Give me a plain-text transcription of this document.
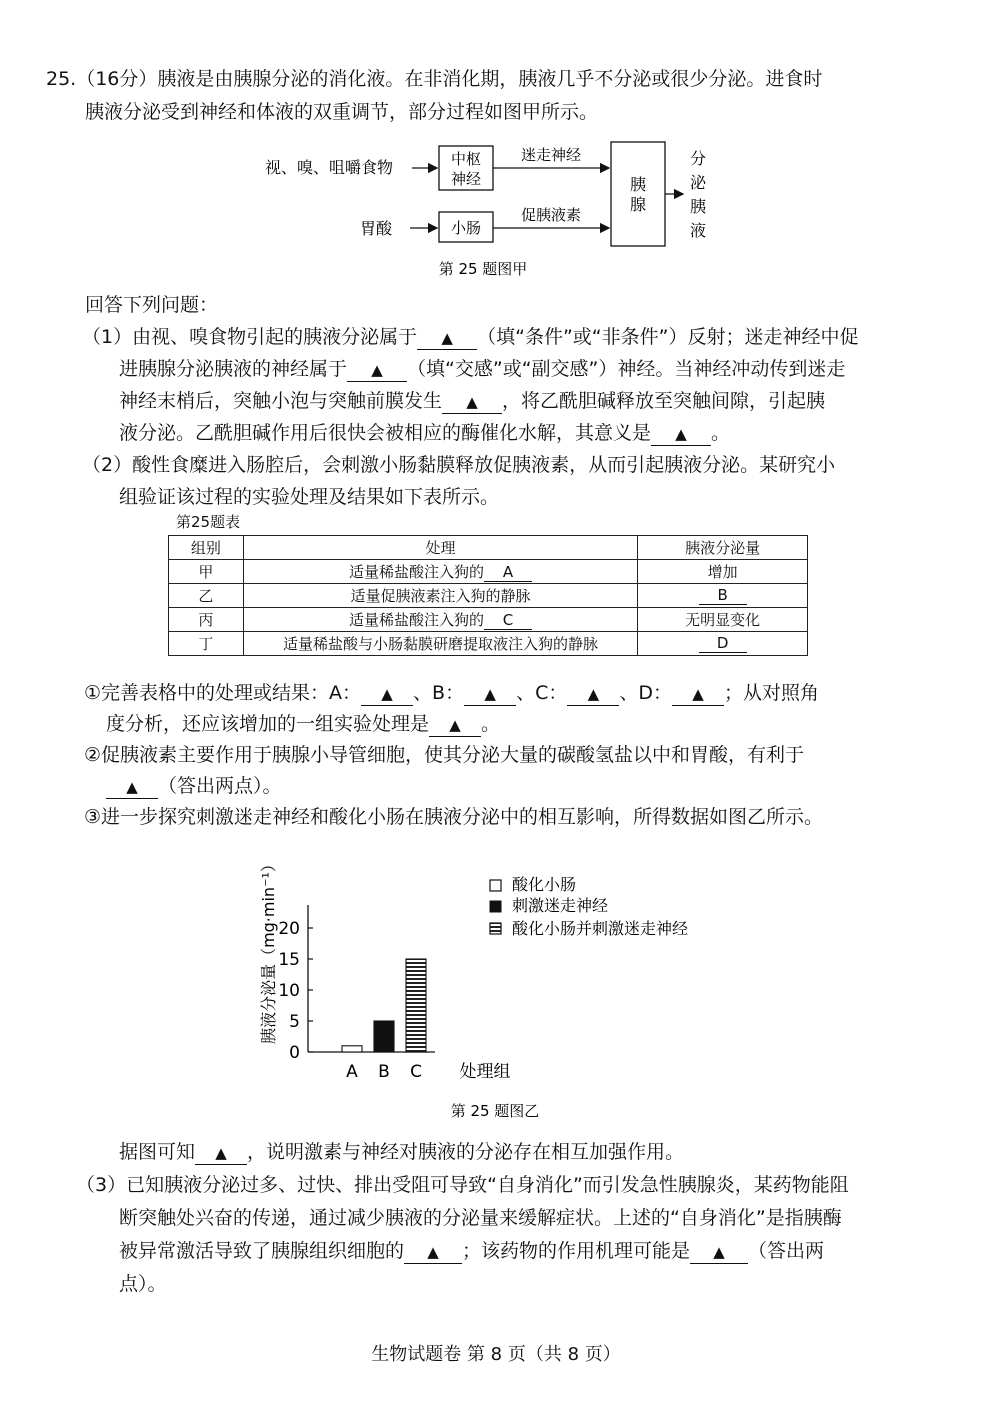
25.（16分）胰液是由胰腺分泌的消化液。在非消化期，胰液几乎不分泌或很少分泌。进食时
胰液分泌受到神经和体液的双重调节，部分过程如图甲所示。
视、嗅、咀嚼食物	中枢
神经
迷走神经
胃酸	小肠
促胰液素
胰
腺
分
泌
胰
液
第 25 题图甲
回答下列问题：
（1）由视、嗅食物引起的胰液分泌属于 ▲ （填“条件”或“非条件”）反射；迷走神经中促
进胰腺分泌胰液的神经属于 ▲ （填“交感”或“副交感”）神经。当神经冲动传到迷走
神经末梢后，突触小泡与突触前膜发生 ▲ ，将乙酰胆碱释放至突触间隙，引起胰
液分泌。乙酰胆碱作用后很快会被相应的酶催化水解，其意义是 ▲ 。
（2）酸性食糜进入肠腔后，会刺激小肠黏膜释放促胰液素，从而引起胰液分泌。某研究小
组验证该过程的实验处理及结果如下表所示。
第25题表
组别	处理	胰液分泌量
甲	适量稀盐酸注入狗的 A	增加
乙	适量促胰液素注入狗的静脉	B
丙	适量稀盐酸注入狗的 C	无明显变化
丁	适量稀盐酸与小肠黏膜研磨提取液注入狗的静脉	D
①完善表格中的处理或结果：A： ▲ 、B： ▲ 、C： ▲ 、D： ▲ ；从对照角
度分析，还应该增加的一组实验处理是 ▲ 。
②促胰液素主要作用于胰腺小导管细胞，使其分泌大量的碳酸氢盐以中和胃酸，有利于
▲ （答出两点）。
③进一步探究刺激迷走神经和酸化小肠在胰液分泌中的相互影响，所得数据如图乙所示。
胰液分泌量（mg·min⁻¹）
0
5
10
15
20
A B C 处理组
酸化小肠
刺激迷走神经
酸化小肠并刺激迷走神经
第 25 题图乙
据图可知 ▲ ，说明激素与神经对胰液的分泌存在相互加强作用。
（3）已知胰液分泌过多、过快、排出受阻可导致“自身消化”而引发急性胰腺炎，某药物能阻
断突触处兴奋的传递，通过减少胰液的分泌量来缓解症状。上述的“自身消化”是指胰酶
被异常激活导致了胰腺组织细胞的 ▲ ；该药物的作用机理可能是 ▲ （答出两
点）。
生物试题卷 第 8 页（共 8 页）
